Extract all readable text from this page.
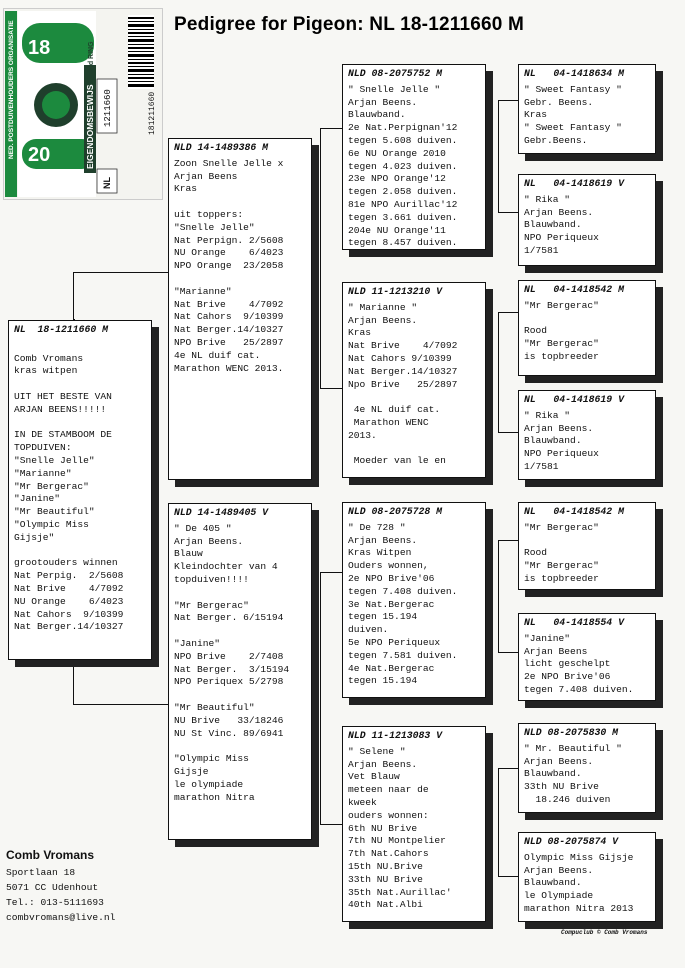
NED. POSTDUIVENHOUDERS ORGANISATIE 18
20	EIGENDOMSBEWIJS
v/d RING
1211660
NL
181211660
Pedigree for Pigeon: NL 18-1211660 M
NL  18-1211660 M
Comb Vromans
kras witpen
UIT HET BESTE VAN
ARJAN BEENS!!!!!
IN DE STAMBOOM DE
TOPDUIVEN:
"Snelle Jelle"
"Marianne"
"Mr Bergerac"
"Janine"
"Mr Beautiful"
"Olympic Miss
Gijsje"
grootouders winnen
Nat Perpig.  2/5608
Nat Brive    4/7092
NU Orange    6/4023
Nat Cahors  9/10399
Nat Berger.14/10327
NLD 14-1489386 M
Zoon Snelle Jelle x
Arjan Beens
Kras
uit toppers:
"Snelle Jelle"
Nat Perpign. 2/5608
NU Orange    6/4023
NPO Orange  23/2058
"Marianne"
Nat Brive    4/7092
Nat Cahors  9/10399
Nat Berger.14/10327
NPO Brive   25/2897
4e NL duif cat.
Marathon WENC 2013.
NLD 14-1489405 V
" De 405 "
Arjan Beens.
Blauw
Kleindochter van 4
topduiven!!!!
"Mr Bergerac"
Nat Berger. 6/15194
"Janine"
NPO Brive    2/7408
Nat Berger.  3/15194
NPO Periquex 5/2798
"Mr Beautiful"
NU Brive   33/18246
NU St Vinc. 89/6941
"Olympic Miss
Gijsje
le olympiade
marathon Nitra
NLD 08-2075752 M
" Snelle Jelle "
Arjan Beens.
Blauwband.
2e Nat.Perpignan'12
tegen 5.608 duiven.
6e NU Orange 2010
tegen 4.023 duiven.
23e NPO Orange'12
tegen 2.058 duiven.
81e NPO Aurillac'12
tegen 3.661 duiven.
204e NU Orange'11
tegen 8.457 duiven.
NLD 11-1213210 V
" Marianne "
Arjan Beens.
Kras
Nat Brive    4/7092
Nat Cahors 9/10399
Nat Berger.14/10327
Npo Brive   25/2897
4e NL duif cat.
Marathon WENC
2013.
Moeder van le en
NLD 08-2075728 M
" De 728 "
Arjan Beens.
Kras Witpen
Ouders wonnen,
2e NPO Brive'06
tegen 7.408 duiven.
3e Nat.Bergerac
tegen 15.194
duiven.
5e NPO Periqueux
tegen 7.581 duiven.
4e Nat.Bergerac
tegen 15.194
NLD 11-1213083 V
" Selene "
Arjan Beens.
Vet Blauw
meteen naar de
kweek
ouders wonnen:
6th NU Brive
7th NU Montpelier
7th Nat.Cahors
15th NU.Brive
33th NU Brive
35th Nat.Aurillac'
40th Nat.Albi
NL   04-1418634 M
" Sweet Fantasy "
Gebr. Beens.
Kras
" Sweet Fantasy "
Gebr.Beens.
NL   04-1418619 V
" Rika "
Arjan Beens.
Blauwband.
NPO Periqueux
1/7581
NL   04-1418542 M
"Mr Bergerac"
Rood
"Mr Bergerac"
is topbreeder
NL   04-1418619 V
" Rika "
Arjan Beens.
Blauwband.
NPO Periqueux
1/7581
NL   04-1418542 M
"Mr Bergerac"
Rood
"Mr Bergerac"
is topbreeder
NL   04-1418554 V
"Janine"
Arjan Beens
licht geschelpt
2e NPO Brive'06
tegen 7.408 duiven.
NLD 08-2075830 M
" Mr. Beautiful "
Arjan Beens.
Blauwband.
33th NU Brive
18.246 duiven
NLD 08-2075874 V
Olympic Miss Gijsje
Arjan Beens.
Blauwband.
le Olympiade
marathon Nitra 2013
Comb Vromans
Sportlaan 18
5071 CC Udenhout
Tel.: 013-5111693
combvromans@live.nl
Compuclub © Comb Vromans
